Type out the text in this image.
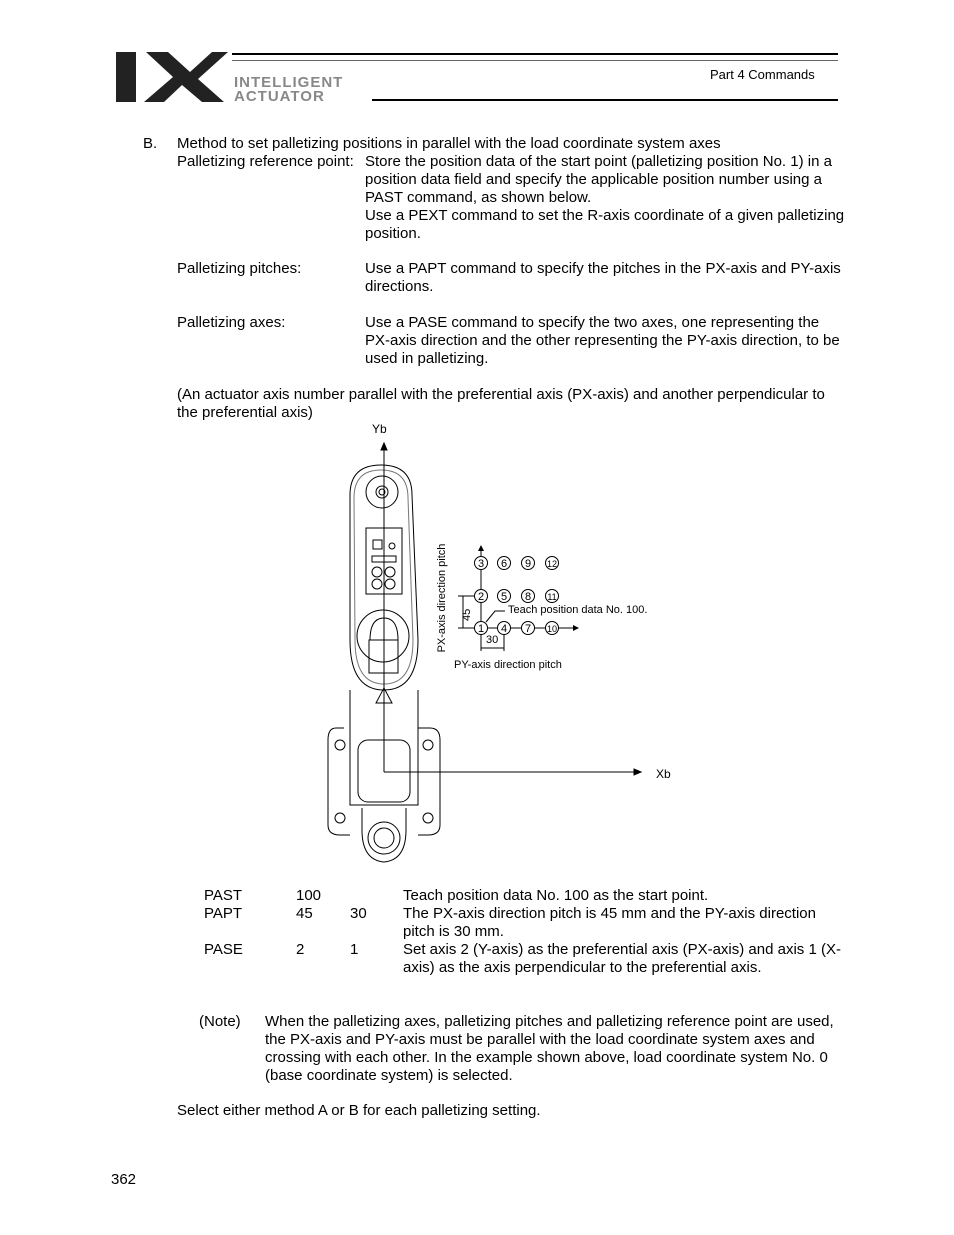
INTELLIGENT
ACTUATOR
Part 4 Commands
B. Method to set palletizing positions in parallel with the load coordinate system axes
Palletizing reference point: Store the position data of the start point (palletizing position No. 1) in a position data field and specify the applicable position number using a PAST command, as shown below.
Use a PEXT command to set the R-axis coordinate of a given palletizing position.
Palletizing pitches:	Use a PAPT command to specify the pitches in the PX-axis and PY-axis directions.
Palletizing axes:	Use a PASE command to specify the two axes, one representing the PX-axis direction and the other representing the PY-axis direction, to be used in palletizing.
(An actuator axis number parallel with the preferential axis (PX-axis) and another perpendicular to the preferential axis)
Yb
Xb
1
2
3
4
5
6
7
8
9
10
11
12
45
30
Teach position data No. 100.
PX-axis direction pitch
PY-axis direction pitch
PAST	100	Teach position data No. 100 as the start point.
PAPT	45 30 The PX-axis direction pitch is 45 mm and the PY-axis direction pitch is 30 mm.
PASE	2	1	Set axis 2 (Y-axis) as the preferential axis (PX-axis) and axis 1 (X-axis) as the axis perpendicular to the preferential axis.
(Note) When the palletizing axes, palletizing pitches and palletizing reference point are used, the PX-axis and PY-axis must be parallel with the load coordinate system axes and crossing with each other. In the example shown above, load coordinate system No. 0 (base coordinate system) is selected.
Select either method A or B for each palletizing setting.
362
